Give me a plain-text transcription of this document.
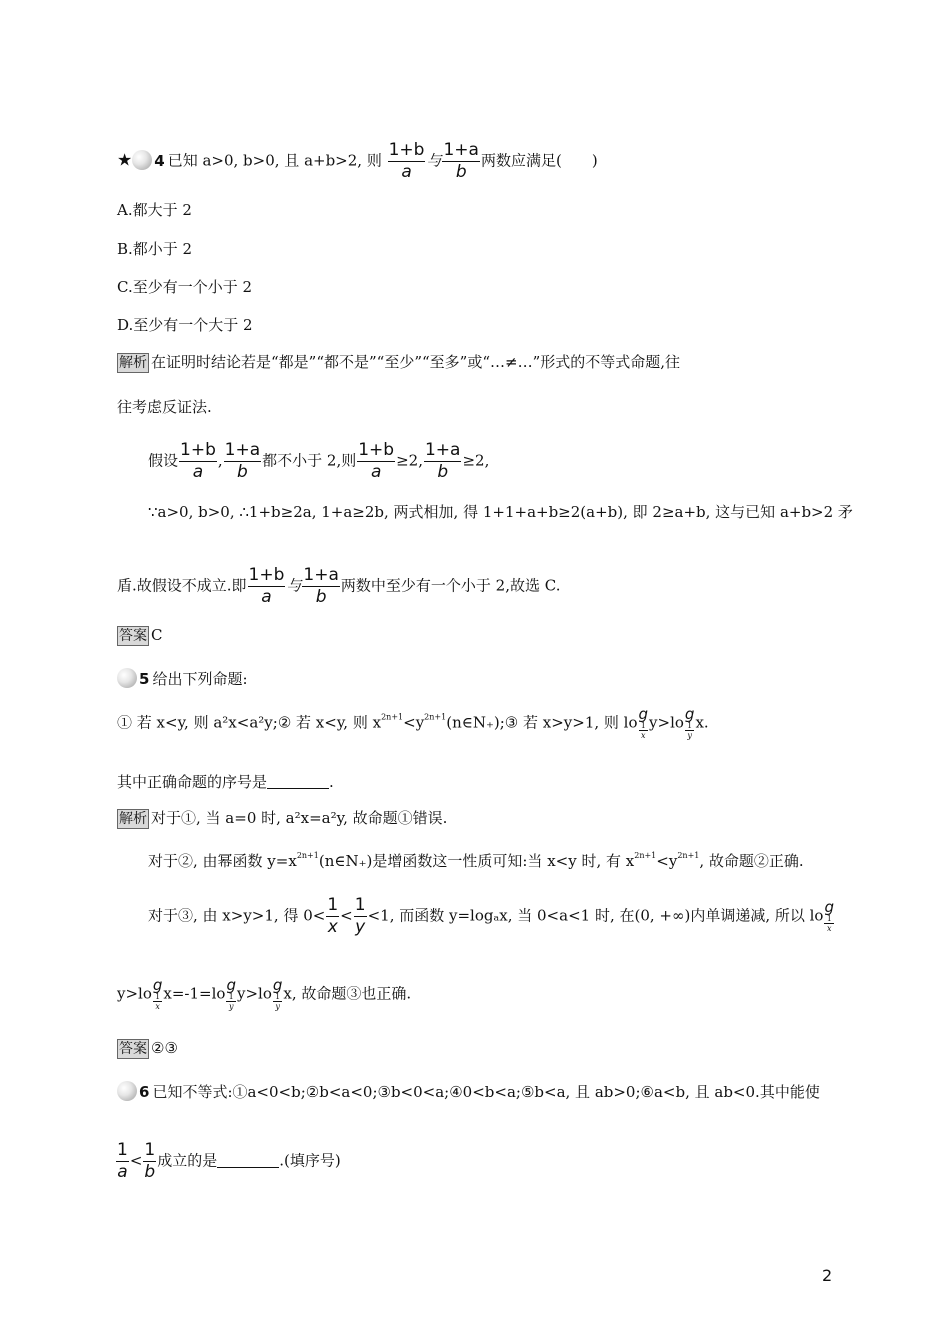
★ 4 已知 a>0, b>0, 且 a+b>2, 则 $\frac{1+b}{a}$ 与 $\frac{1+a}{b}$ 两数应满足(　　)
A.都大于 2
B.都小于 2
C.至少有一个小于 2
D.至少有一个大于 2
解析 在证明时结论若是“都是”“都不是”“至少”“至多”或“…≠…”形式的不等式命题,往
往考虑反证法.
假设 $\frac{1+b}{a}$ , $\frac{1+a}{b}$ 都不小于 2,则 $\frac{1+b}{a} \ge 2$, $\frac{1+a}{b} \ge 2$,
∵a>0, b>0, ∴1+b≥2a, 1+a≥2b, 两式相加, 得 1+1+a+b≥2(a+b), 即 2≥a+b, 这与已知 a+b>2 矛
盾.故假设不成立.即 $\frac{1+b}{a}$ 与 $\frac{1+a}{b}$ 两数中至少有一个小于 2,故选 C.
答案 C
5 给出下列命题:
① 若 x<y, 则 a²x<a²y;② 若 x<y, 则 $x^{2n+1}<y^{2n+1}(n\in N_+);③$ 若 x>y>1, 则 lo g
1
x
y>lo g
1
y
x.
其中正确命题的序号是	.
解析 对于①, 当 a=0 时, a²x=a²y, 故命题①错误.
对于②, 由幂函数 $y=x^{2n+1}(n\in N_+)$是增函数这一性质可知:当 x<y 时, 有 $x^{2n+1}<y^{2n+1}$, 故命题②正确.
对于③, 由 x>y>1, 得 $0< \frac{1}{x} < \frac{1}{y} <1$, 而函数 y=logₐx, 当 0<a<1 时, 在(0, +∞)内单调递减, 所以 lo g
1
x
y>lo g
1
x
x=-1=lo g
1
y
y>lo g
1
y
x, 故命题③也正确.
答案 ②③
6 已知不等式:①a<0<b;②b<a<0;③b<0<a;④0<b<a;⑤b<a, 且 ab>0;⑥a<b, 且 ab<0.其中能使
$\frac{1}{a} < \frac{1}{b}$ 成立的是	.(填序号)
2
